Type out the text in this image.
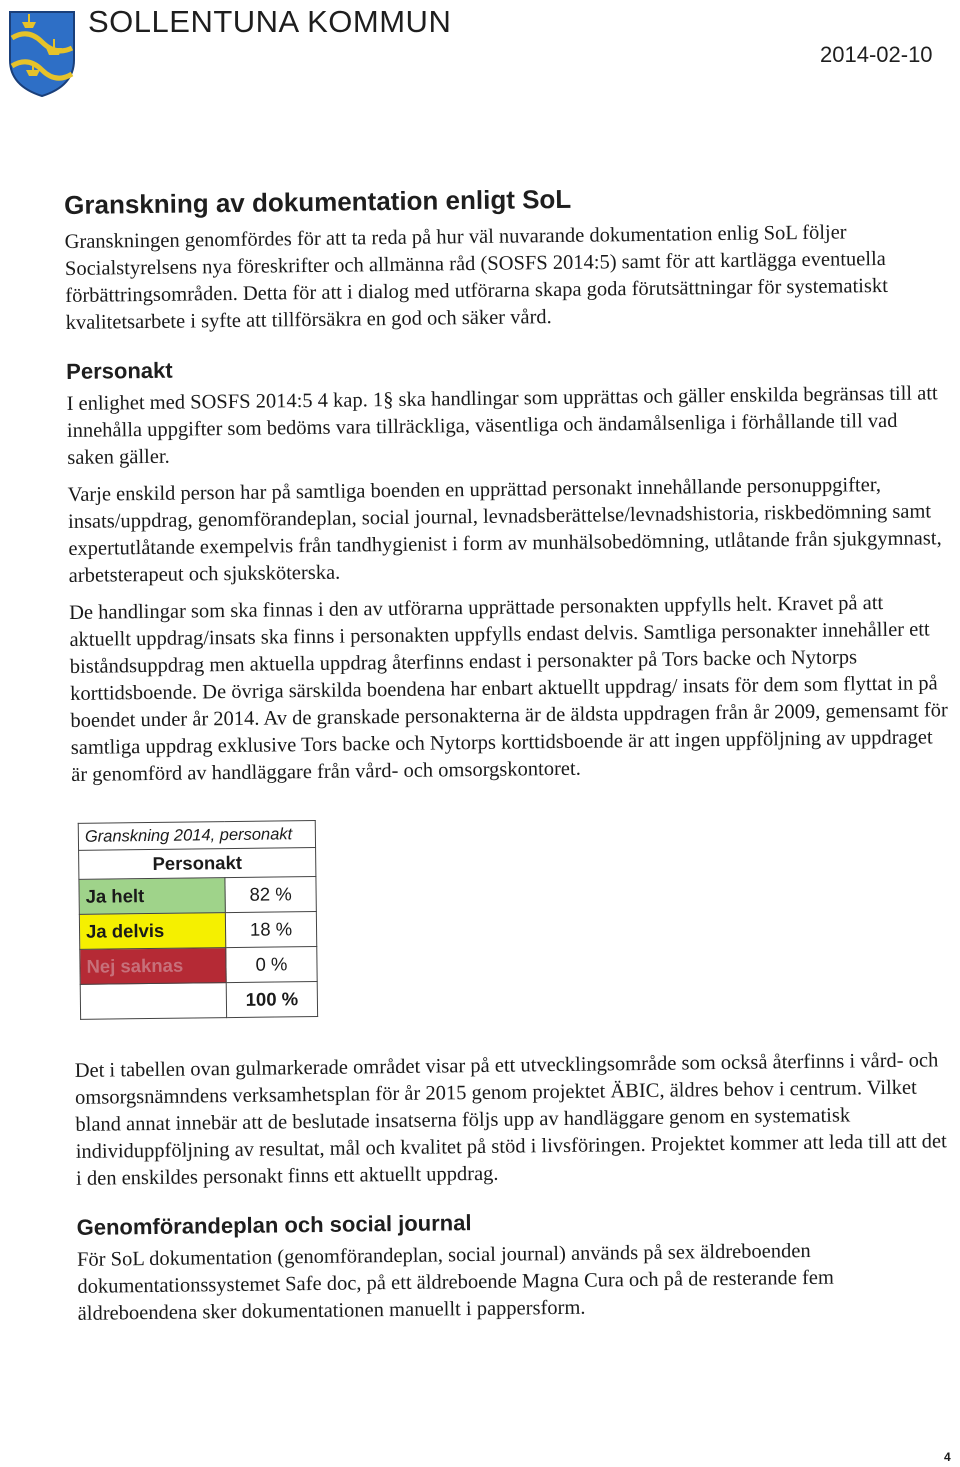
SOLLENTUNA KOMMUN
2014-02-10
Granskning av dokumentation enligt SoL

Granskningen genomfördes för att ta reda på hur väl nuvarande dokumentation enlig SoL följer Socialstyrelsens nya föreskrifter och allmänna råd (SOSFS 2014:5) samt för att kartlägga eventuella förbättringsområden. Detta för att i dialog med utförarna skapa goda förutsättningar för systematiskt kvalitetsarbete i syfte att tillförsäkra en god och säker vård.

Personakt

I enlighet med SOSFS 2014:5 4 kap. 1§ ska handlingar som upprättas och gäller enskilda begränsas till att innehålla uppgifter som bedöms vara tillräckliga, väsentliga och ändamålsenliga i förhållande till vad saken gäller.

Varje enskild person har på samtliga boenden en upprättad personakt innehållande personuppgifter, insats/uppdrag, genomförandeplan, social journal, levnadsberättelse/levnadshistoria, riskbedömning samt expertutlåtande exempelvis från tandhygienist i form av munhälsobedömning, utlåtande från sjukgymnast, arbetsterapeut och sjuksköterska.

De handlingar som ska finnas i den av utförarna upprättade personakten uppfylls helt. Kravet på att aktuellt uppdrag/insats ska finns i personakten uppfylls endast delvis. Samtliga personakter innehåller ett biståndsuppdrag men aktuella uppdrag återfinns endast i personakter på Tors backe och Nytorps korttidsboende. De övriga särskilda boendena har enbart aktuellt uppdrag/ insats för dem som flyttat in på boendet under år 2014. Av de granskade personakterna är de äldsta uppdragen från år 2009, gemensamt för samtliga uppdrag exklusive Tors backe och Nytorps korttidsboende är att ingen uppföljning av uppdraget är genomförd av handläggare från vård- och omsorgskontoret.

Granskning 2014, personakt	
Personakt	
Ja helt	82 %
Ja delvis	18 %
Nej saknas	0 %
	100 %

Det i tabellen ovan gulmarkerade området visar på ett utvecklingsområde som också återfinns i vård- och omsorgsnämndens verksamhetsplan för år 2015 genom projektet ÄBIC, äldres behov i centrum. Vilket bland annat innebär att de beslutade insatserna följs upp av handläggare genom en systematisk individuppföljning av resultat, mål och kvalitet på stöd i livsföringen. Projektet kommer att leda till att det i den enskildes personakt finns ett aktuellt uppdrag.

Genomförandeplan och social journal

För SoL dokumentation (genomförandeplan, social journal) används på sex äldreboenden dokumentationssystemet Safe doc, på ett äldreboende Magna Cura och på de resterande fem äldreboendena sker dokumentationen manuellt i pappersform.

4
